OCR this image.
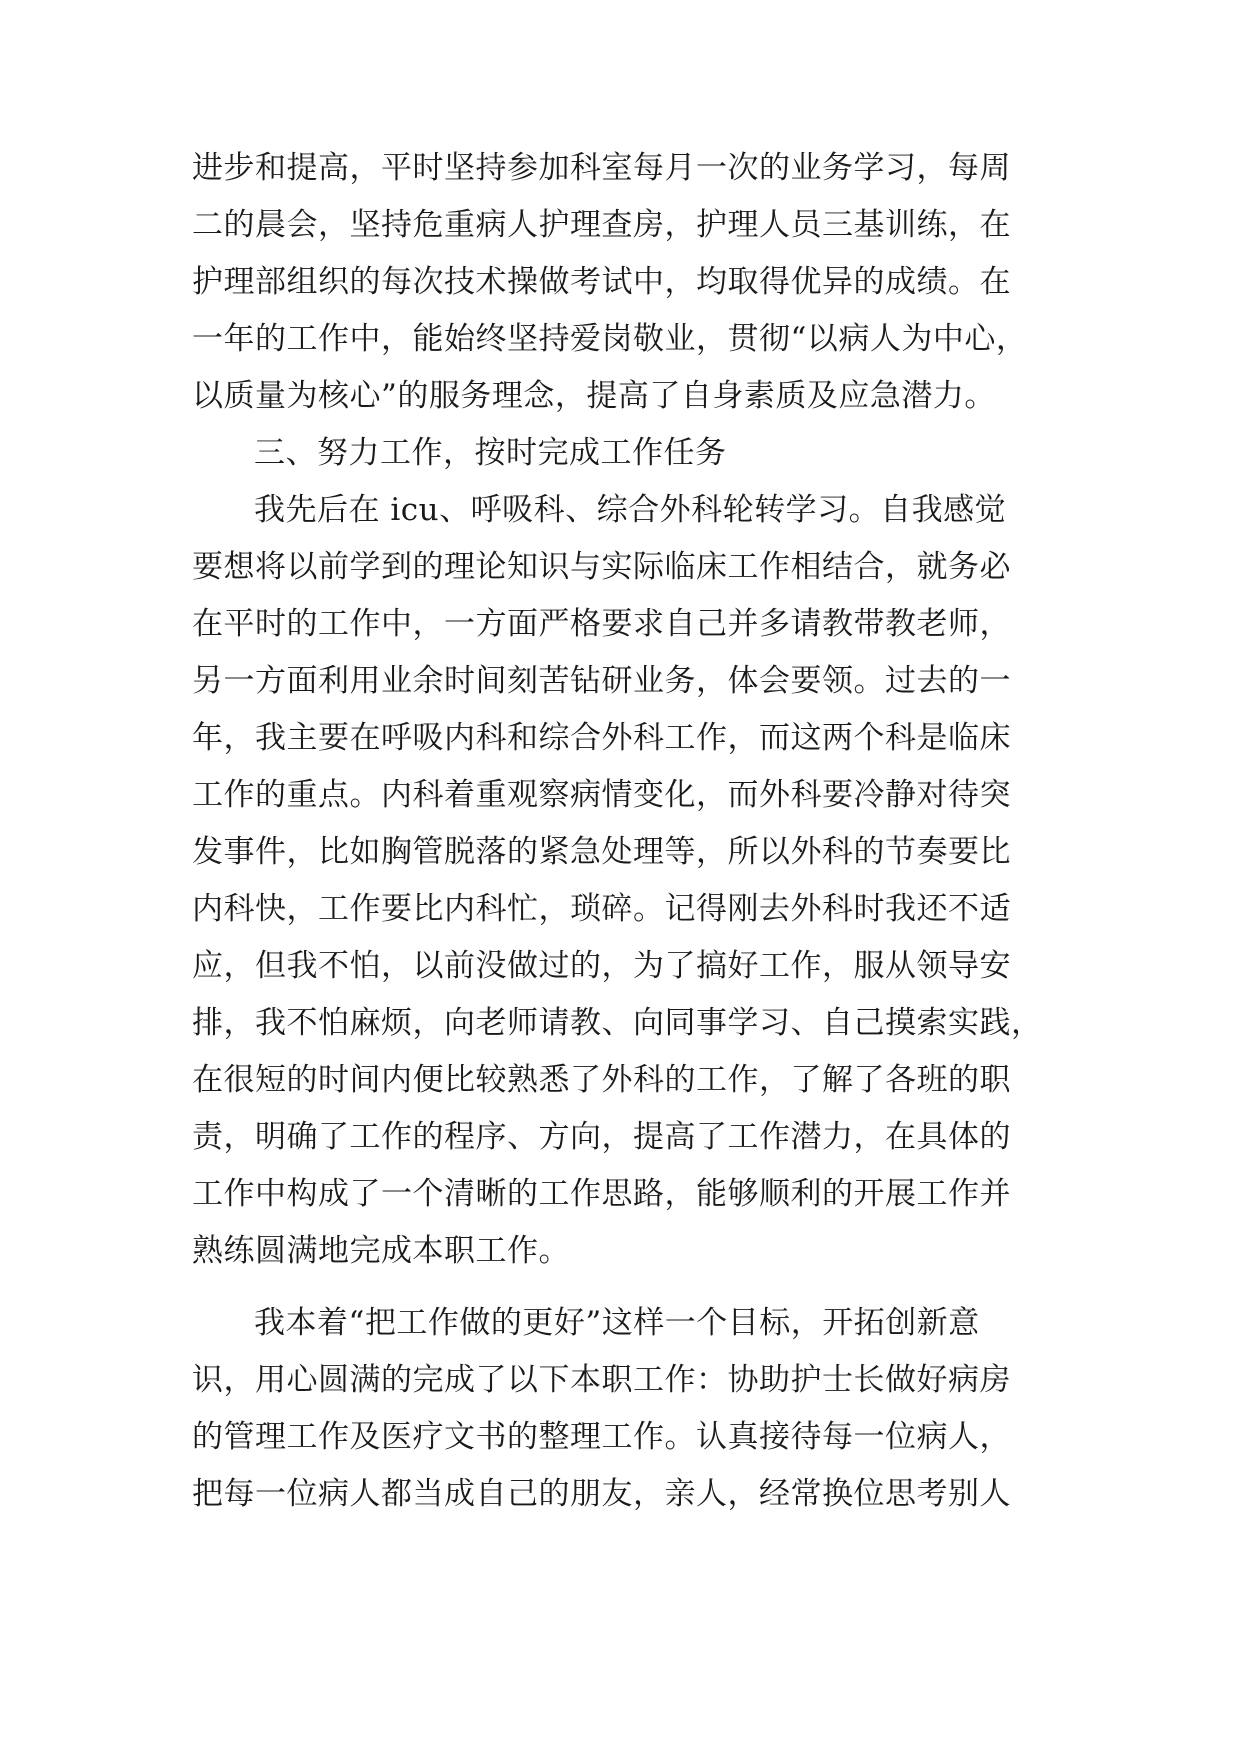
进步和提高，平时坚持参加科室每月一次的业务学习，每周
二的晨会，坚持危重病人护理查房，护理人员三基训练，在
护理部组织的每次技术操做考试中，均取得优异的成绩。在
一年的工作中，能始终坚持爱岗敬业，贯彻“以病人为中心，
以质量为核心”的服务理念，提高了自身素质及应急潜力。
三、努力工作，按时完成工作任务
我先后在 icu、呼吸科、综合外科轮转学习。自我感觉
要想将以前学到的理论知识与实际临床工作相结合，就务必
在平时的工作中，一方面严格要求自己并多请教带教老师，
另一方面利用业余时间刻苦钻研业务，体会要领。过去的一
年，我主要在呼吸内科和综合外科工作，而这两个科是临床
工作的重点。内科着重观察病情变化，而外科要冷静对待突
发事件，比如胸管脱落的紧急处理等，所以外科的节奏要比
内科快，工作要比内科忙，琐碎。记得刚去外科时我还不适
应，但我不怕，以前没做过的，为了搞好工作，服从领导安
排，我不怕麻烦，向老师请教、向同事学习、自己摸索实践，
在很短的时间内便比较熟悉了外科的工作，了解了各班的职
责，明确了工作的程序、方向，提高了工作潜力，在具体的
工作中构成了一个清晰的工作思路，能够顺利的开展工作并
熟练圆满地完成本职工作。
我本着“把工作做的更好”这样一个目标，开拓创新意
识，用心圆满的完成了以下本职工作：协助护士长做好病房
的管理工作及医疗文书的整理工作。认真接待每一位病人，
把每一位病人都当成自己的朋友，亲人，经常换位思考别人
